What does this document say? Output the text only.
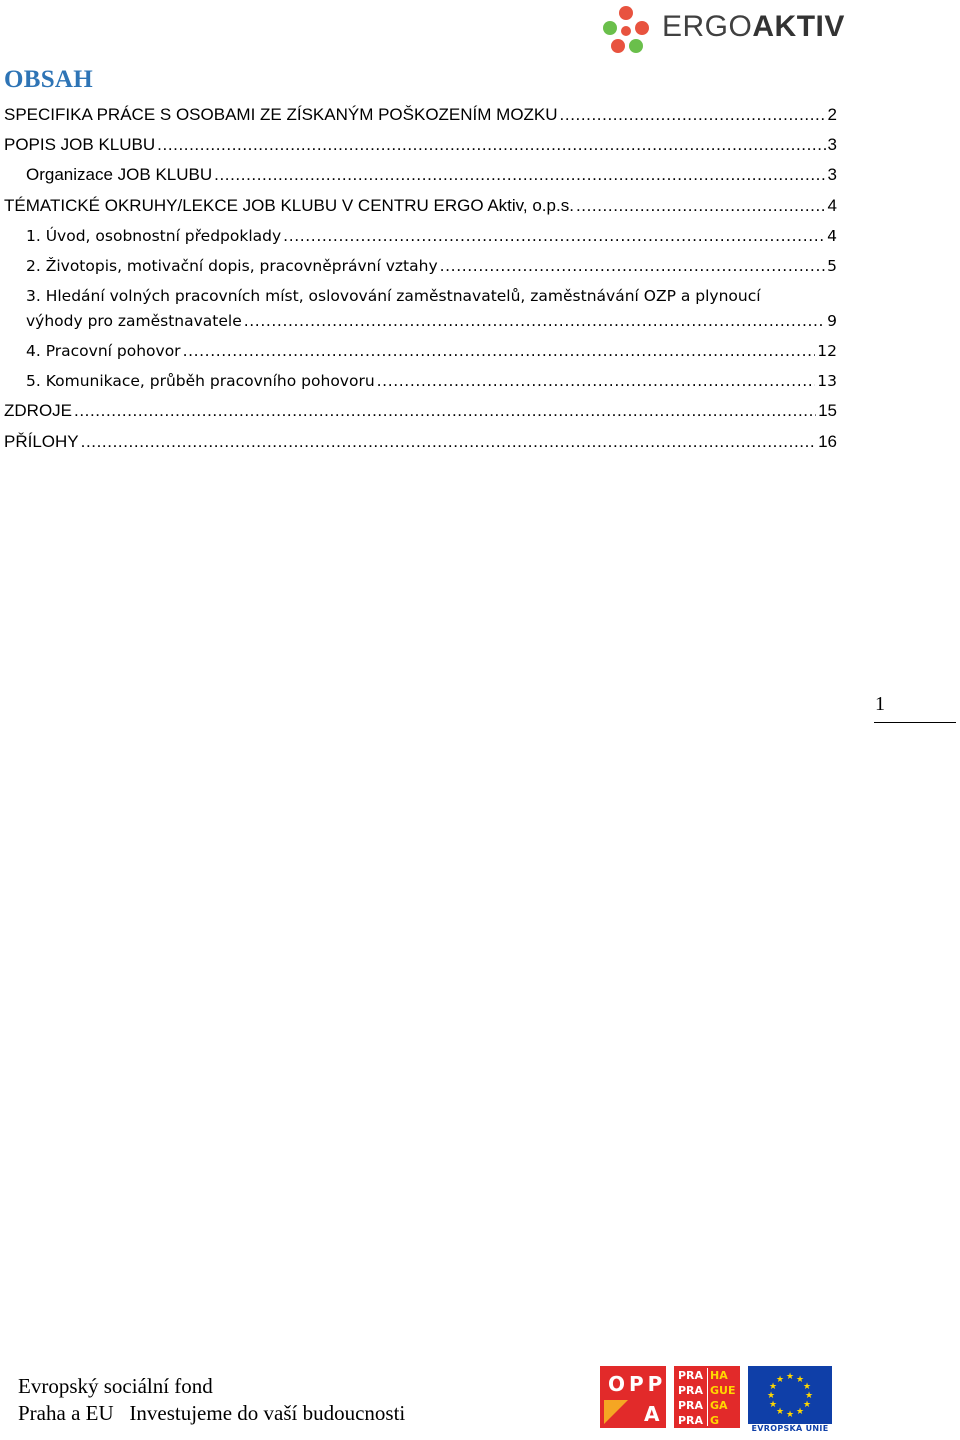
ERGOAKTIV
OBSAH
SPECIFIKA PRÁCE S OSOBAMI ZE ZÍSKANÝM POŠKOZENÍM MOZKU .....	2
POPIS JOB KLUBU .....	3
Organizace JOB KLUBU .....	3
TÉMATICKÉ OKRUHY/LEKCE JOB KLUBU V CENTRU ERGO Aktiv, o.p.s. .....	4
1. Úvod, osobnostní předpoklady .....	4
2. Životopis, motivační dopis, pracovněprávní vztahy .....	5
3. Hledání volných pracovních míst, oslovování zaměstnavatelů, zaměstnávání OZP a plynoucí
výhody pro zaměstnavatele .....	9
4. Pracovní pohovor .....	12
5. Komunikace, průběh pracovního pohovoru .....	13
ZDROJE .....	15
PŘÍLOHY .....	16
1
Evropský sociální fond
Praha a EU   Investujeme do vaší budoucnosti
OPP
A
PRA
PRA
PRA
PRA
HA
GUE
GA
G
★ ★
★
★
★
★
★
★
★
★
★
★
EVROPSKÁ UNIE
